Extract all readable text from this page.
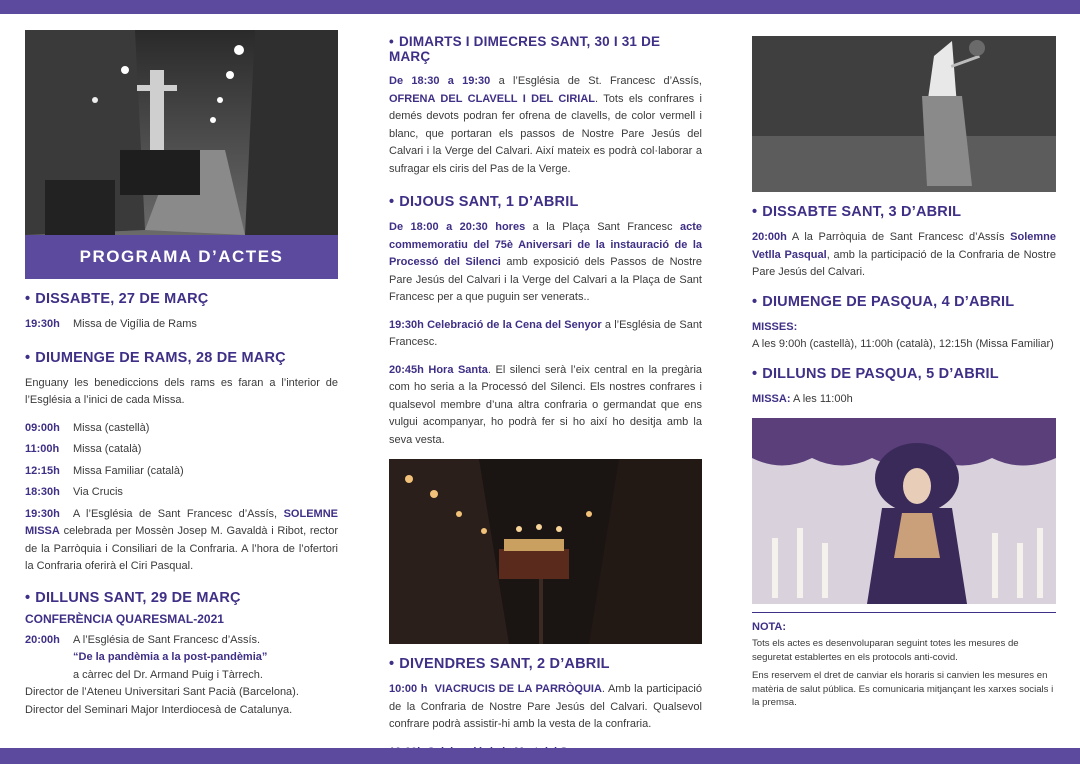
PROGRAMA D’ACTES
• DISSABTE, 27 DE MARÇ
19:30h	Missa de Vigília de Rams
• DIUMENGE DE RAMS, 28 DE MARÇ

Enguany les benediccions dels rams es faran a l’interior de l’Església a l’inici de cada Missa.

09:00h	Missa (castellà)
11:00h	Missa (català)
12:15h	Missa Familiar (català)
18:30h	Via Crucis

19:30h A l’Església de Sant Francesc d’Assís, SOLEMNE MISSA celebrada per Mossèn Josep M. Gavaldà i Ribot, rector de la Parròquia i Consiliari de la Confraria. A l’hora de l’ofertori la Confraria oferirà el Ciri Pasqual.

• DILLUNS SANT, 29 DE MARÇ
CONFERÈNCIA QUARESMAL-2021
20:00h	A l’Església de Sant Francesc d’Assís.

“De la pandèmia a la post-pandèmia”

a càrrec del Dr. Armand Puig i Tàrrech.

Director de l’Ateneu Universitari Sant Pacià (Barcelona).

Director del Seminari Major Interdiocesà de Catalunya.

• DIMARTS I DIMECRES SANT, 30 I 31 DE MARÇ

De 18:30 a 19:30 a l’Església de St. Francesc d’Assís, OFRENA DEL CLAVELL I DEL CIRIAL. Tots els confrares i demés devots podran fer ofrena de clavells, de color vermell i blanc, que portaran els passos de Nostre Pare Jesús del Calvari i la Verge del Calvari. Així mateix es podrà col·laborar a sufragar els ciris del Pas de la Verge.

• DIJOUS SANT, 1 D’ABRIL

De 18:00 a 20:30 hores a la Plaça Sant Francesc acte commemoratiu del 75è Aniversari de la instauració de la Processó del Silenci amb exposició dels Passos de Nostre Pare Jesús del Calvari i la Verge del Calvari a la Plaça de Sant Francesc per a que puguin ser venerats..

19:30h Celebració de la Cena del Senyor a l’Església de Sant Francesc.

20:45h Hora Santa. El silenci serà l’eix central en la pregària com ho seria a la Processó del Silenci. Els nostres confrares i qualsevol membre d’una altra confraria o germandat que ens vulgui acompanyar, ho podrà fer si ho així ho desitja amb la seva vesta.

• DIVENDRES SANT, 2 D’ABRIL

10:00 h VIACRUCIS DE LA PARRÒQUIA. Amb la participació de la Confraria de Nostre Pare Jesús del Calvari. Qualsevol confrare podrà assistir-hi amb la vesta de la confraria.

• DISSABTE SANT, 3 D’ABRIL

20:00h A la Parròquia de Sant Francesc d’Assís Solemne Vetlla Pasqual, amb la participació de la Confraria de Nostre Pare Jesús del Calvari.

• DIUMENGE DE PASQUA, 4 D’ABRIL

MISSES:

A les 9:00h (castellà), 11:00h (català), 12:15h (Missa Familiar)

• DILLUNS DE PASQUA, 5 D’ABRIL

MISSA: A les 11:00h

NOTA:

Tots els actes es desenvoluparan seguint totes les mesures de seguretat establertes en els protocols anti-covid.

Ens reservem el dret de canviar els horaris si canvien les mesures en matèria de salut pública. Es comunicaria mitjançant les xarxes socials i la premsa.
